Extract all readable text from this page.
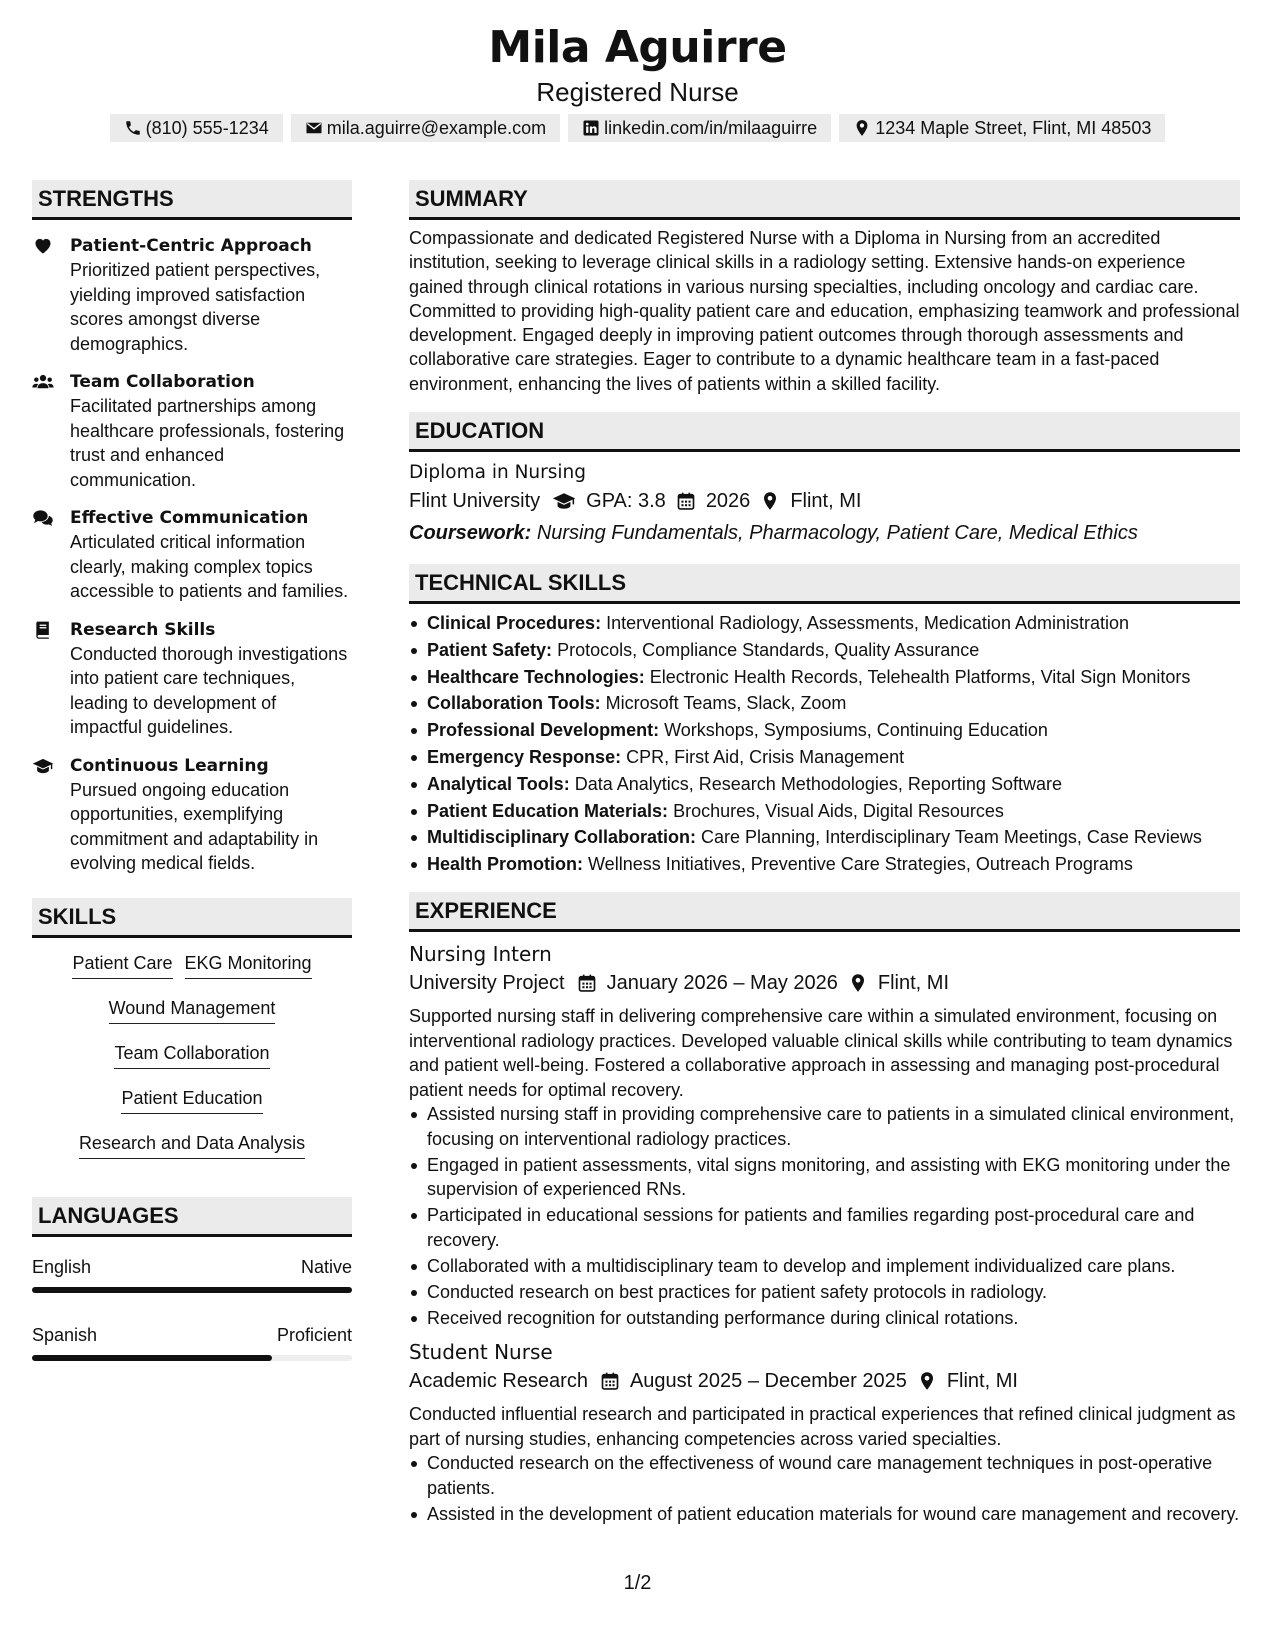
Mila Aguirre
Registered Nurse
(810) 555-1234	mila.aguirre@example.com	linkedin.com/in/milaaguirre	1234 Maple Street, Flint, MI 48503
STRENGTHS
Patient-Centric Approach
Prioritized patient perspectives, yielding improved satisfaction scores amongst diverse demographics.
Team Collaboration
Facilitated partnerships among healthcare professionals, fostering trust and enhanced communication.
Effective Communication
Articulated critical information clearly, making complex topics accessible to patients and families.
Research Skills
Conducted thorough investigations into patient care techniques, leading to development of impactful guidelines.
Continuous Learning
Pursued ongoing education opportunities, exemplifying commitment and adaptability in evolving medical fields.
SKILLS
Patient Care EKG Monitoring
Wound Management
Team Collaboration
Patient Education
Research and Data Analysis
LANGUAGES
English	Native
Spanish	Proficient
SUMMARY
Compassionate and dedicated Registered Nurse with a Diploma in Nursing from an accredited institution, seeking to leverage clinical skills in a radiology setting. Extensive hands-on experience gained through clinical rotations in various nursing specialties, including oncology and cardiac care. Committed to providing high-quality patient care and education, emphasizing teamwork and professional development. Engaged deeply in improving patient outcomes through thorough assessments and collaborative care strategies. Eager to contribute to a dynamic healthcare team in a fast-paced environment, enhancing the lives of patients within a skilled facility.
EDUCATION
Diploma in Nursing
Flint University GPA: 3.8 2026 Flint, MI
Coursework: Nursing Fundamentals, Pharmacology, Patient Care, Medical Ethics
TECHNICAL SKILLS
Clinical Procedures: Interventional Radiology, Assessments, Medication Administration
Patient Safety: Protocols, Compliance Standards, Quality Assurance
Healthcare Technologies: Electronic Health Records, Telehealth Platforms, Vital Sign Monitors
Collaboration Tools: Microsoft Teams, Slack, Zoom
Professional Development: Workshops, Symposiums, Continuing Education
Emergency Response: CPR, First Aid, Crisis Management
Analytical Tools: Data Analytics, Research Methodologies, Reporting Software
Patient Education Materials: Brochures, Visual Aids, Digital Resources
Multidisciplinary Collaboration: Care Planning, Interdisciplinary Team Meetings, Case Reviews
Health Promotion: Wellness Initiatives, Preventive Care Strategies, Outreach Programs
EXPERIENCE
Nursing Intern
University Project January 2026 – May 2026 Flint, MI
Supported nursing staff in delivering comprehensive care within a simulated environment, focusing on interventional radiology practices. Developed valuable clinical skills while contributing to team dynamics and patient well-being. Fostered a collaborative approach in assessing and managing post-procedural patient needs for optimal recovery.
Assisted nursing staff in providing comprehensive care to patients in a simulated clinical environment, focusing on interventional radiology practices.
Engaged in patient assessments, vital signs monitoring, and assisting with EKG monitoring under the supervision of experienced RNs.
Participated in educational sessions for patients and families regarding post-procedural care and recovery.
Collaborated with a multidisciplinary team to develop and implement individualized care plans.
Conducted research on best practices for patient safety protocols in radiology.
Received recognition for outstanding performance during clinical rotations.
Student Nurse
Academic Research August 2025 – December 2025 Flint, MI
Conducted influential research and participated in practical experiences that refined clinical judgment as part of nursing studies, enhancing competencies across varied specialties.
Conducted research on the effectiveness of wound care management techniques in post-operative patients.
Assisted in the development of patient education materials for wound care management and recovery.
1/2
